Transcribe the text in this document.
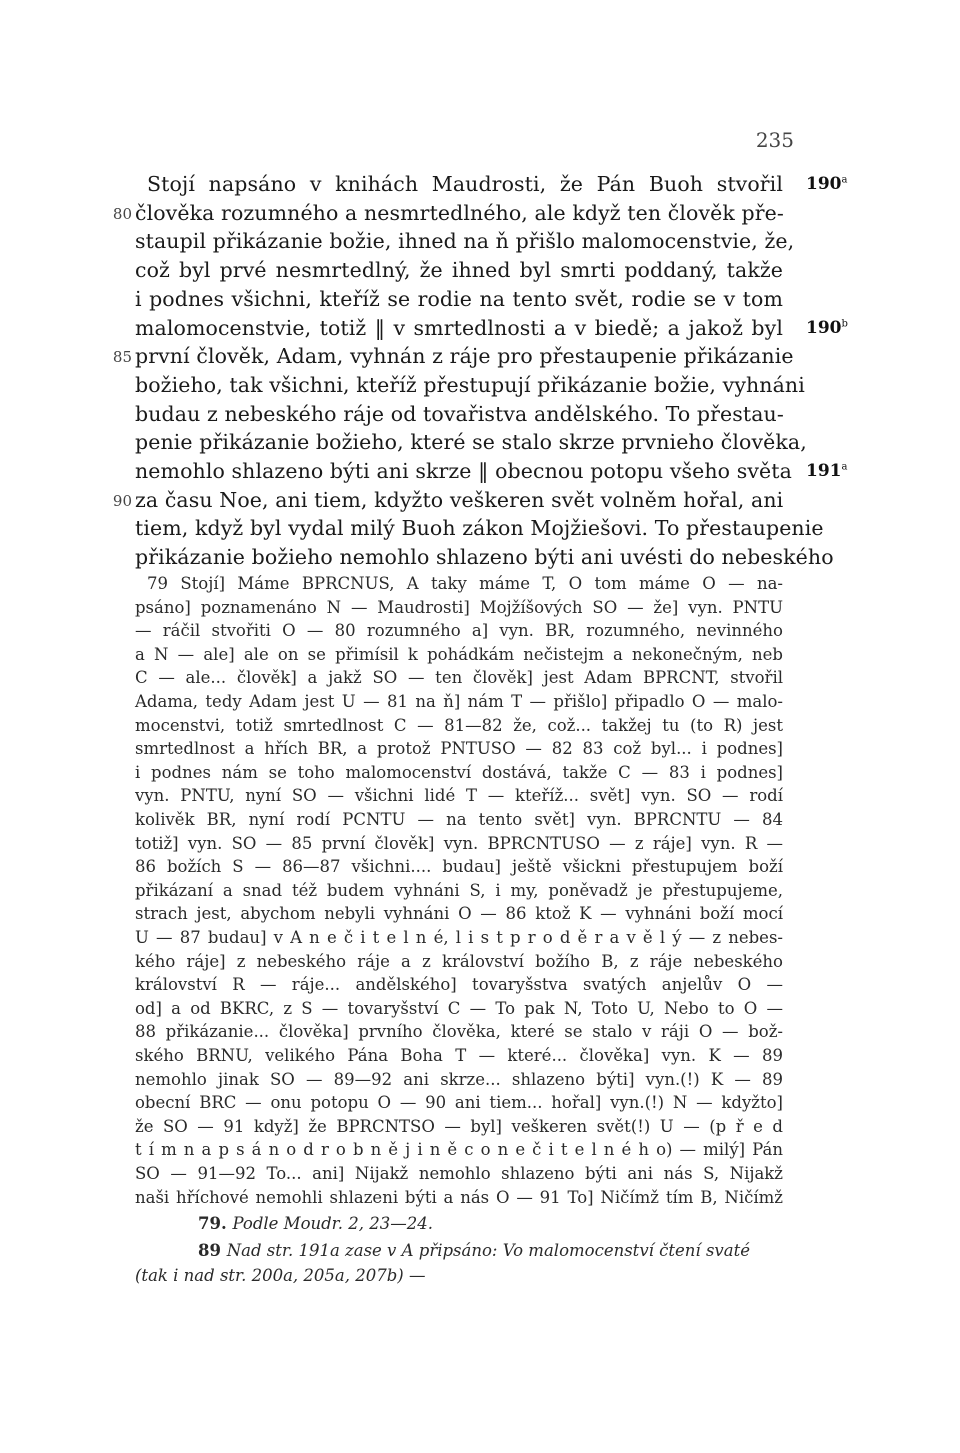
235
Stojí napsáno v knihách Maudrosti, že Pán Buoh stvořil
člověka rozumného a nesmrtedlného, ale když ten člověk pře-
staupil přikázanie božie, ihned na ň přišlo malomocenstvie, že,
což byl prvé nesmrtedlný, že ihned byl smrti poddaný, takže
i podnes všichni, kteříž se rodie na tento svět, rodie se v tom
malomocenstvie, totiž ‖ v smrtedlnosti a v biedě; a jakož byl
první člověk, Adam, vyhnán z ráje pro přestaupenie přikázanie
božieho, tak všichni, kteříž přestupují přikázanie božie, vyhnáni
budau z nebeského ráje od tovařistva andělského. To přestau-
penie přikázanie božieho, které se stalo skrze prvnieho člověka,
nemohlo shlazeno býti ani skrze ‖ obecnou potopu všeho světa
za času Noe, ani tiem, kdyžto veškeren svět volněm hořal, ani
tiem, když byl vydal milý Buoh zákon Mojžiešovi. To přestaupenie
přikázanie božieho nemohlo shlazeno býti ani uvésti do nebeského
80
85
90
190$^a$
190$^b$
191$^a$
79 Stojí] Máme BPRCNUS, A taky máme T, O tom máme O — na-
psáno] poznamenáno N — Maudrosti] Mojžíšových SO — že] vyn. PNTU
— ráčil stvořiti O — 80 rozumného a] vyn. BR, rozumného, nevinného
a N — ale] ale on se přimísil k pohádkám nečistejm a nekonečným, neb
C — ale... člověk] a jakž SO — ten člověk] jest Adam BPRCNT, stvořil
Adama, tedy Adam jest U — 81 na ň] nám T — přišlo] připadlo O — malo-
mocenstvi, totiž smrtedlnost C — 81—82 že, což... takžej tu (to R) jest
smrtedlnost a hřích BR, a protož PNTUSO — 82 83 což byl... i podnes]
i podnes nám se toho malomocenství dostává, takže C — 83 i podnes]
vyn. PNTU, nyní SO — všichni lidé T — kteříž... svět] vyn. SO — rodí
kolivěk BR, nyní rodí PCNTU — na tento svět] vyn. BPRCNTU — 84
totiž] vyn. SO — 85 první člověk] vyn. BPRCNTUSO — z ráje] vyn. R —
86 božích S — 86—87 všichni.... budau] ještě všickni přestupujem boží
přikázaní a snad též budem vyhnáni S, i my, poněvadž je přestupujeme,
strach jest, abychom nebyli vyhnáni O — 86 ktož K — vyhnáni boží mocí
U — 87 budau] v A n e č i t e l n é, l i s t p r o d ě r a v ě l ý — z nebes-
kého ráje] z nebeského ráje a z království božího B, z ráje nebeského
království R — ráje... andělského] tovaryšstva svatých anjelův O —
od] a od BKRC, z S — tovaryšství C — To pak N, Toto U, Nebo to O —
88 přikázanie... člověka] prvního člověka, které se stalo v ráji O — bož-
ského BRNU, velikého Pána Boha T — které... člověka] vyn. K — 89
nemohlo jinak SO — 89—92 ani skrze... shlazeno býti] vyn.(!) K — 89
obecní BRC — onu potopu O — 90 ani tiem... hořal] vyn.(!) N — kdyžto]
že SO — 91 když] že BPRCNTSO — byl] veškeren svět(!) U — (p ř e d
t í m n a p s á n o d r o b n ě j i n ě c o n e č i t e l n é h o) — milý] Pán
SO — 91—92 To... ani] Nijakž nemohlo shlazeno býti ani nás S, Nijakž
naši hříchové nemohli shlazeni býti a nás O — 91 To] Ničímž tím B, Ničímž
79. Podle Moudr. 2, 23—24.
89 Nad str. 191a zase v A připsáno: Vo malomocenství čtení svaté
(tak i nad str. 200a, 205a, 207b) —
